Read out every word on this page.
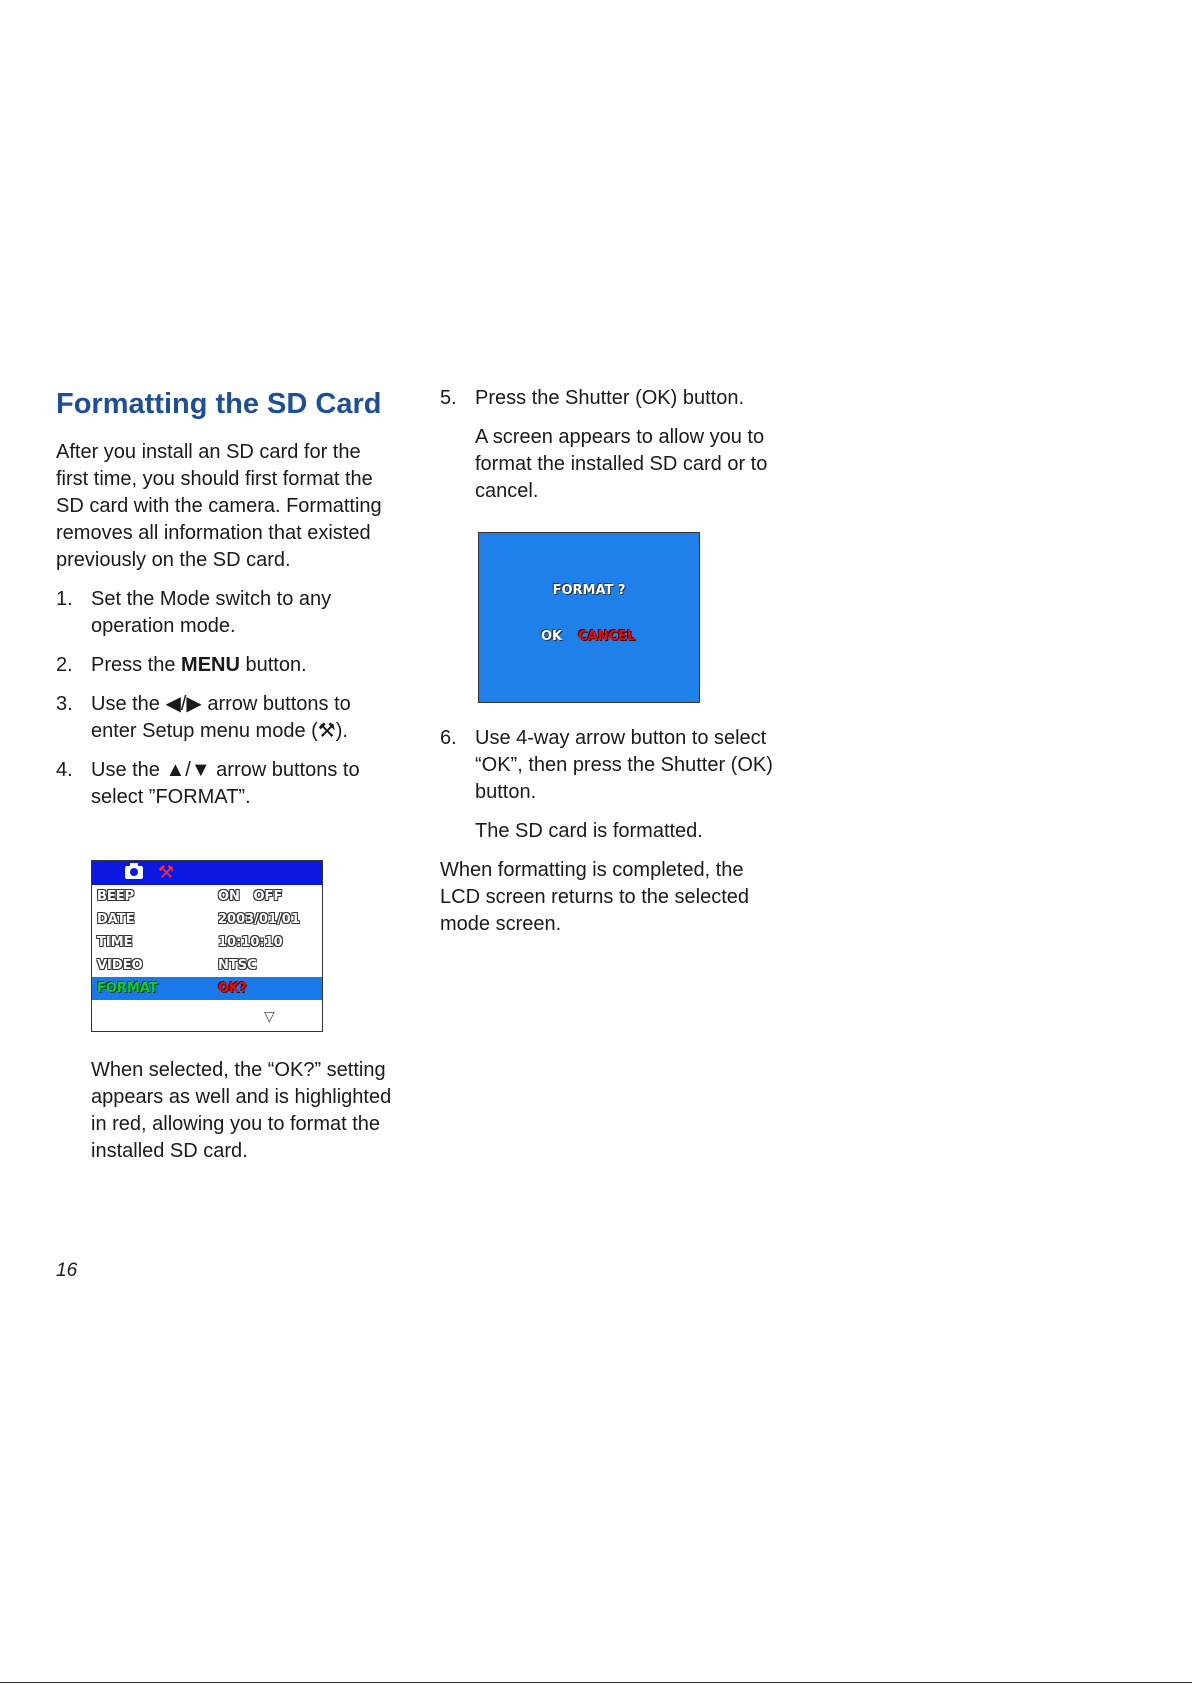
Formatting the SD Card

After you install an SD card for the first time, you should first format the SD card with the camera. Formatting removes all information that existed previously on the SD card.

1. Set the Mode switch to any operation mode.
2. Press the MENU button.
3. Use the ◀/▶ arrow buttons to enter Setup menu mode (⚒).
4. Use the ▲/▼ arrow buttons to select ”FORMAT”.
⚒
BEEP	ON   OFF
DATE	2003/01/01
TIME	10:10:10
VIDEO	NTSC
FORMAT	OK?
▽

When selected, the “OK?” setting appears as well and is highlighted in red, allowing you to format the installed SD card.

5. Press the Shutter (OK) button.

A screen appears to allow you to format the installed SD card or to cancel.

FORMAT ?
OK CANCEL
6. Use 4-way arrow button to select “OK”, then press the Shutter (OK) button.

The SD card is formatted.

When formatting is completed, the LCD screen returns to the selected mode screen.

16
